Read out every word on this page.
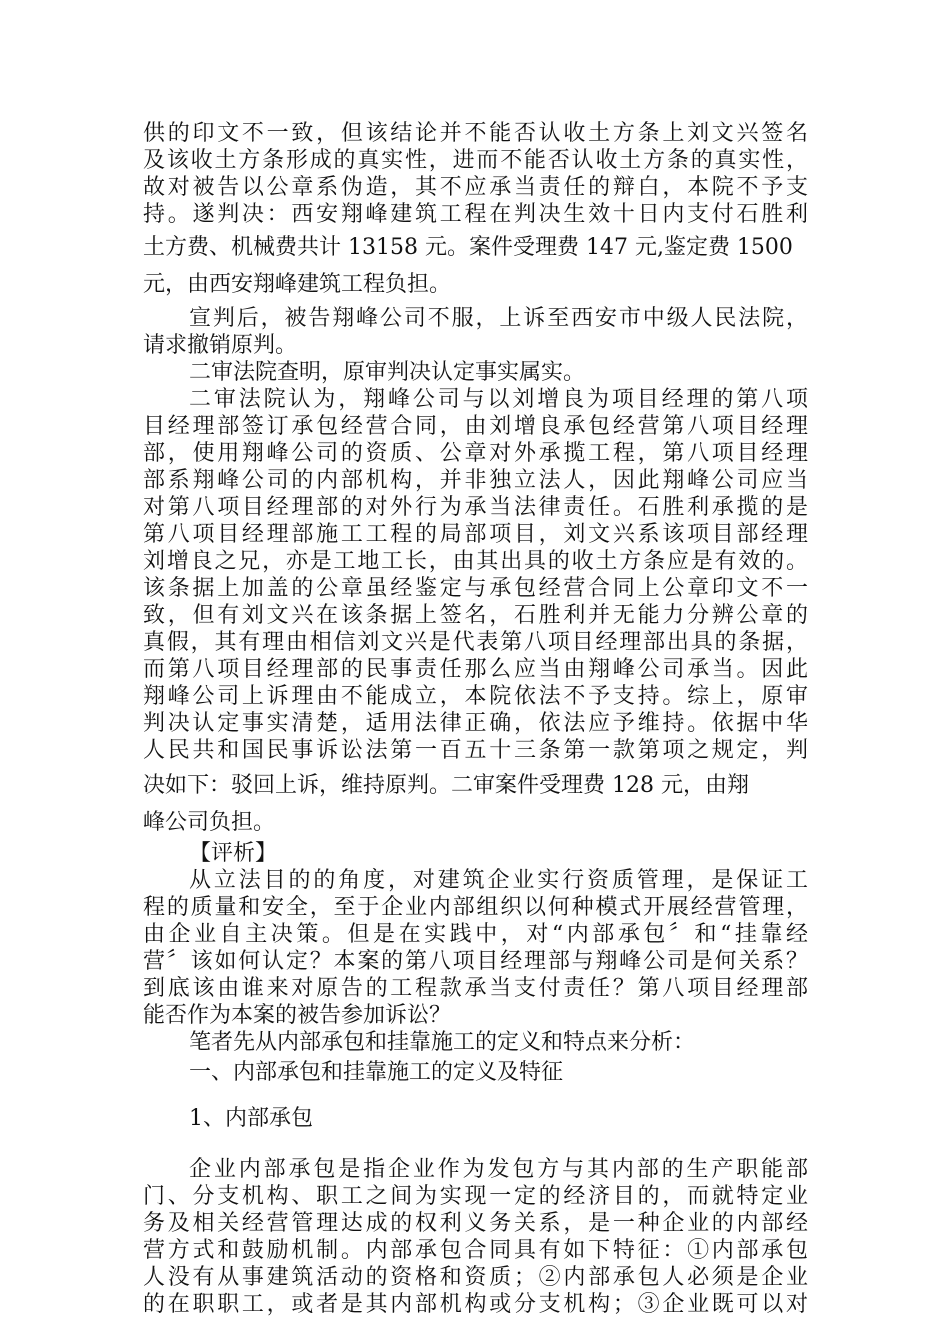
供的印文不一致，但该结论并不能否认收土方条上刘文兴签名

及该收土方条形成的真实性，进而不能否认收土方条的真实性，

故对被告以公章系伪造，其不应承当责任的辩白，本院不予支

持。遂判决：西安翔峰建筑工程在判决生效十日内支付石胜利

土方费、机械费共计 13158 元。案件受理费 147 元,鉴定费 1500

元，由西安翔峰建筑工程负担。

宣判后，被告翔峰公司不服，上诉至西安市中级人民法院，

请求撤销原判。

二审法院查明，原审判决认定事实属实。

二审法院认为，翔峰公司与以刘增良为项目经理的第八项

目经理部签订承包经营合同，由刘增良承包经营第八项目经理

部，使用翔峰公司的资质、公章对外承揽工程，第八项目经理

部系翔峰公司的内部机构，并非独立法人，因此翔峰公司应当

对第八项目经理部的对外行为承当法律责任。石胜利承揽的是

第八项目经理部施工工程的局部项目，刘文兴系该项目部经理

刘增良之兄，亦是工地工长，由其出具的收土方条应是有效的。

该条据上加盖的公章虽经鉴定与承包经营合同上公章印文不一

致，但有刘文兴在该条据上签名，石胜利并无能力分辨公章的

真假，其有理由相信刘文兴是代表第八项目经理部出具的条据，

而第八项目经理部的民事责任那么应当由翔峰公司承当。因此

翔峰公司上诉理由不能成立，本院依法不予支持。综上，原审

判决认定事实清楚，适用法律正确，依法应予维持。依据中华

人民共和国民事诉讼法第一百五十三条第一款第项之规定，判

决如下：驳回上诉，维持原判。二审案件受理费 128 元，由翔

峰公司负担。

【评析】

从立法目的的角度，对建筑企业实行资质管理，是保证工

程的质量和安全，至于企业内部组织以何种模式开展经营管理，

由企业自主决策。但是在实践中，对“内部承包〞和“挂靠经

营〞该如何认定？本案的第八项目经理部与翔峰公司是何关系？

到底该由谁来对原告的工程款承当支付责任？第八项目经理部

能否作为本案的被告参加诉讼？

笔者先从内部承包和挂靠施工的定义和特点来分析：

一、内部承包和挂靠施工的定义及特征

1、内部承包

企业内部承包是指企业作为发包方与其内部的生产职能部

门、分支机构、职工之间为实现一定的经济目的，而就特定业

务及相关经营管理达成的权利义务关系，是一种企业的内部经

营方式和鼓励机制。内部承包合同具有如下特征：①内部承包

人没有从事建筑活动的资格和资质；②内部承包人必须是企业

的在职职工，或者是其内部机构或分支机构；③企业既可以对
